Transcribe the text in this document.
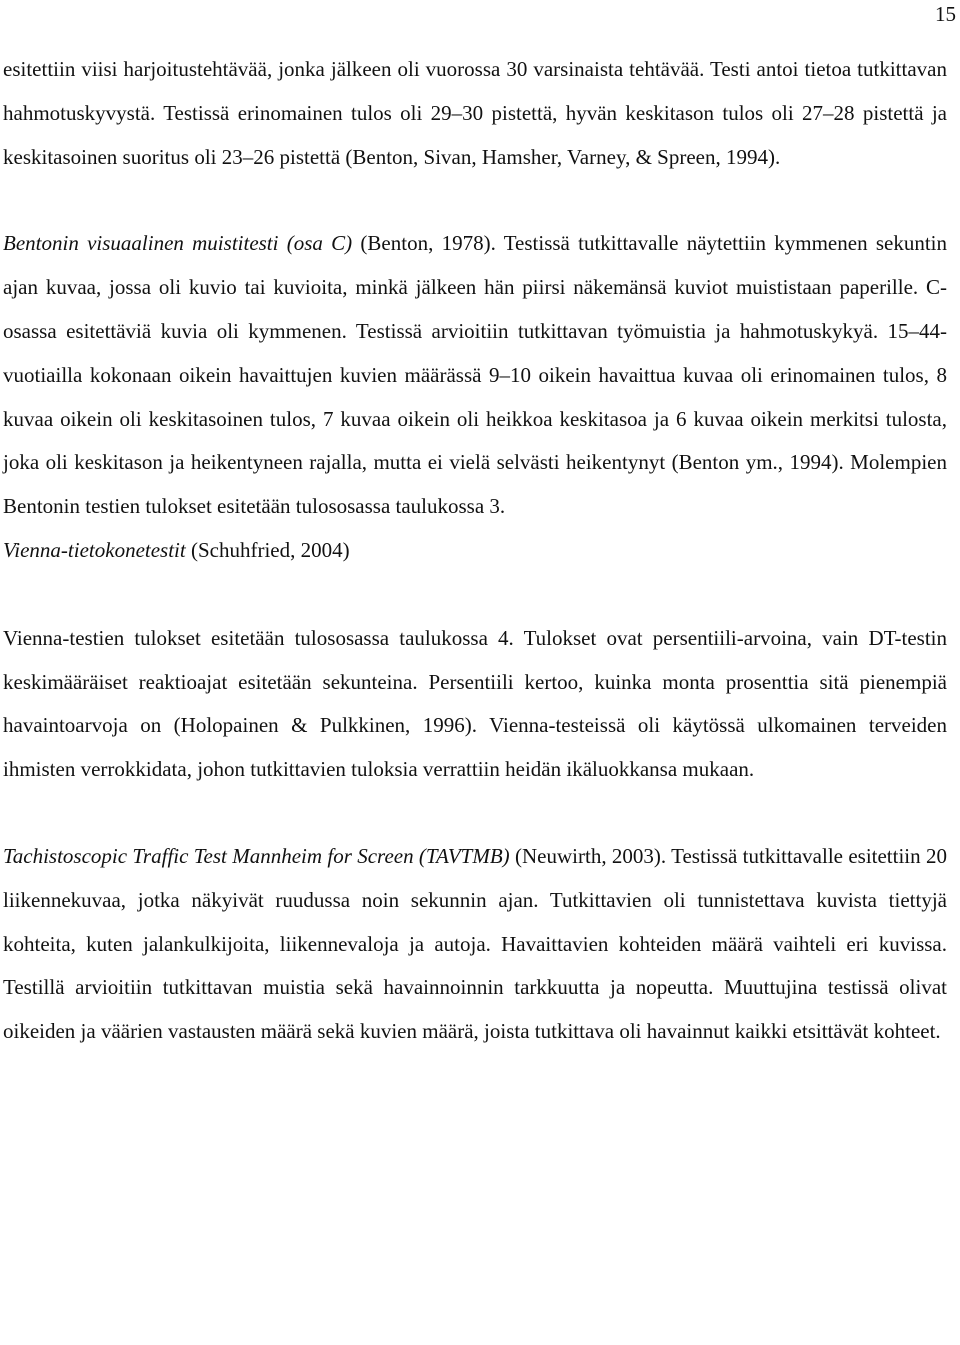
15

esitettiin viisi harjoitustehtävää, jonka jälkeen oli vuorossa 30 varsinaista tehtävää. Testi antoi tietoa tutkittavan hahmotuskyvystä. Testissä erinomainen tulos oli 29–30 pistettä, hyvän keskitason tulos oli 27–28 pistettä ja keskitasoinen suoritus oli 23–26 pistettä (Benton, Sivan, Hamsher, Varney, & Spreen, 1994).

Bentonin visuaalinen muistitesti (osa C) (Benton, 1978). Testissä tutkittavalle näytettiin kymmenen sekuntin ajan kuvaa, jossa oli kuvio tai kuvioita, minkä jälkeen hän piirsi näkemänsä kuviot muististaan paperille. C-osassa esitettäviä kuvia oli kymmenen. Testissä arvioitiin tutkittavan työmuistia ja hahmotuskykyä. 15–44-vuotiailla kokonaan oikein havaittujen kuvien määrässä 9–10 oikein havaittua kuvaa oli erinomainen tulos, 8 kuvaa oikein oli keskitasoinen tulos, 7 kuvaa oikein oli heikkoa keskitasoa ja 6 kuvaa oikein merkitsi tulosta, joka oli keskitason ja heikentyneen rajalla, mutta ei vielä selvästi heikentynyt (Benton ym., 1994). Molempien Bentonin testien tulokset esitetään tulososassa taulukossa 3.

Vienna-tietokonetestit (Schuhfried, 2004)

Vienna-testien tulokset esitetään tulososassa taulukossa 4. Tulokset ovat persentiili-arvoina, vain DT-testin keskimääräiset reaktioajat esitetään sekunteina. Persentiili kertoo, kuinka monta prosenttia sitä pienempiä havaintoarvoja on (Holopainen & Pulkkinen, 1996). Vienna-testeissä oli käytössä ulkomainen terveiden ihmisten verrokkidata, johon tutkittavien tuloksia verrattiin heidän ikäluokkansa mukaan.

Tachistoscopic Traffic Test Mannheim for Screen (TAVTMB) (Neuwirth, 2003). Testissä tutkittavalle esitettiin 20 liikennekuvaa, jotka näkyivät ruudussa noin sekunnin ajan. Tutkittavien oli tunnistettava kuvista tiettyjä kohteita, kuten jalankulkijoita, liikennevaloja ja autoja. Havaittavien kohteiden määrä vaihteli eri kuvissa. Testillä arvioitiin tutkittavan muistia sekä havainnoinnin tarkkuutta ja nopeutta. Muuttujina testissä olivat oikeiden ja väärien vastausten määrä sekä kuvien määrä, joista tutkittava oli havainnut kaikki etsittävät kohteet.
